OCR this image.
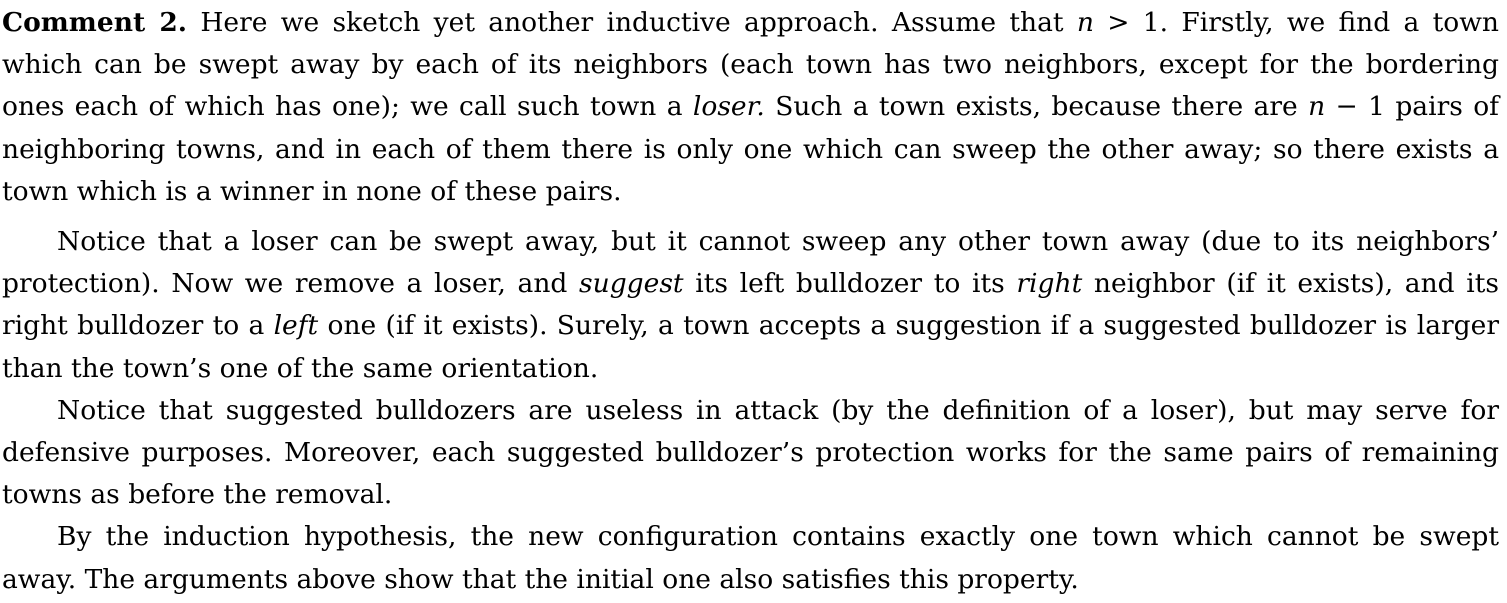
Comment 2. Here we sketch yet another inductive approach. Assume that n > 1. Firstly, we find a town which can be swept away by each of its neighbors (each town has two neighbors, except for the bordering ones each of which has one); we call such town a loser. Such a town exists, because there are n − 1 pairs of neighboring towns, and in each of them there is only one which can sweep the other away; so there exists a town which is a winner in none of these pairs.

Notice that a loser can be swept away, but it cannot sweep any other town away (due to its neighbors’ protection). Now we remove a loser, and suggest its left bulldozer to its right neighbor (if it exists), and its right bulldozer to a left one (if it exists). Surely, a town accepts a suggestion if a suggested bulldozer is larger than the town’s one of the same orientation.

Notice that suggested bulldozers are useless in attack (by the definition of a loser), but may serve for defensive purposes. Moreover, each suggested bulldozer’s protection works for the same pairs of remaining towns as before the removal.

By the induction hypothesis, the new configuration contains exactly one town which cannot be swept away. The arguments above show that the initial one also satisfies this property.
